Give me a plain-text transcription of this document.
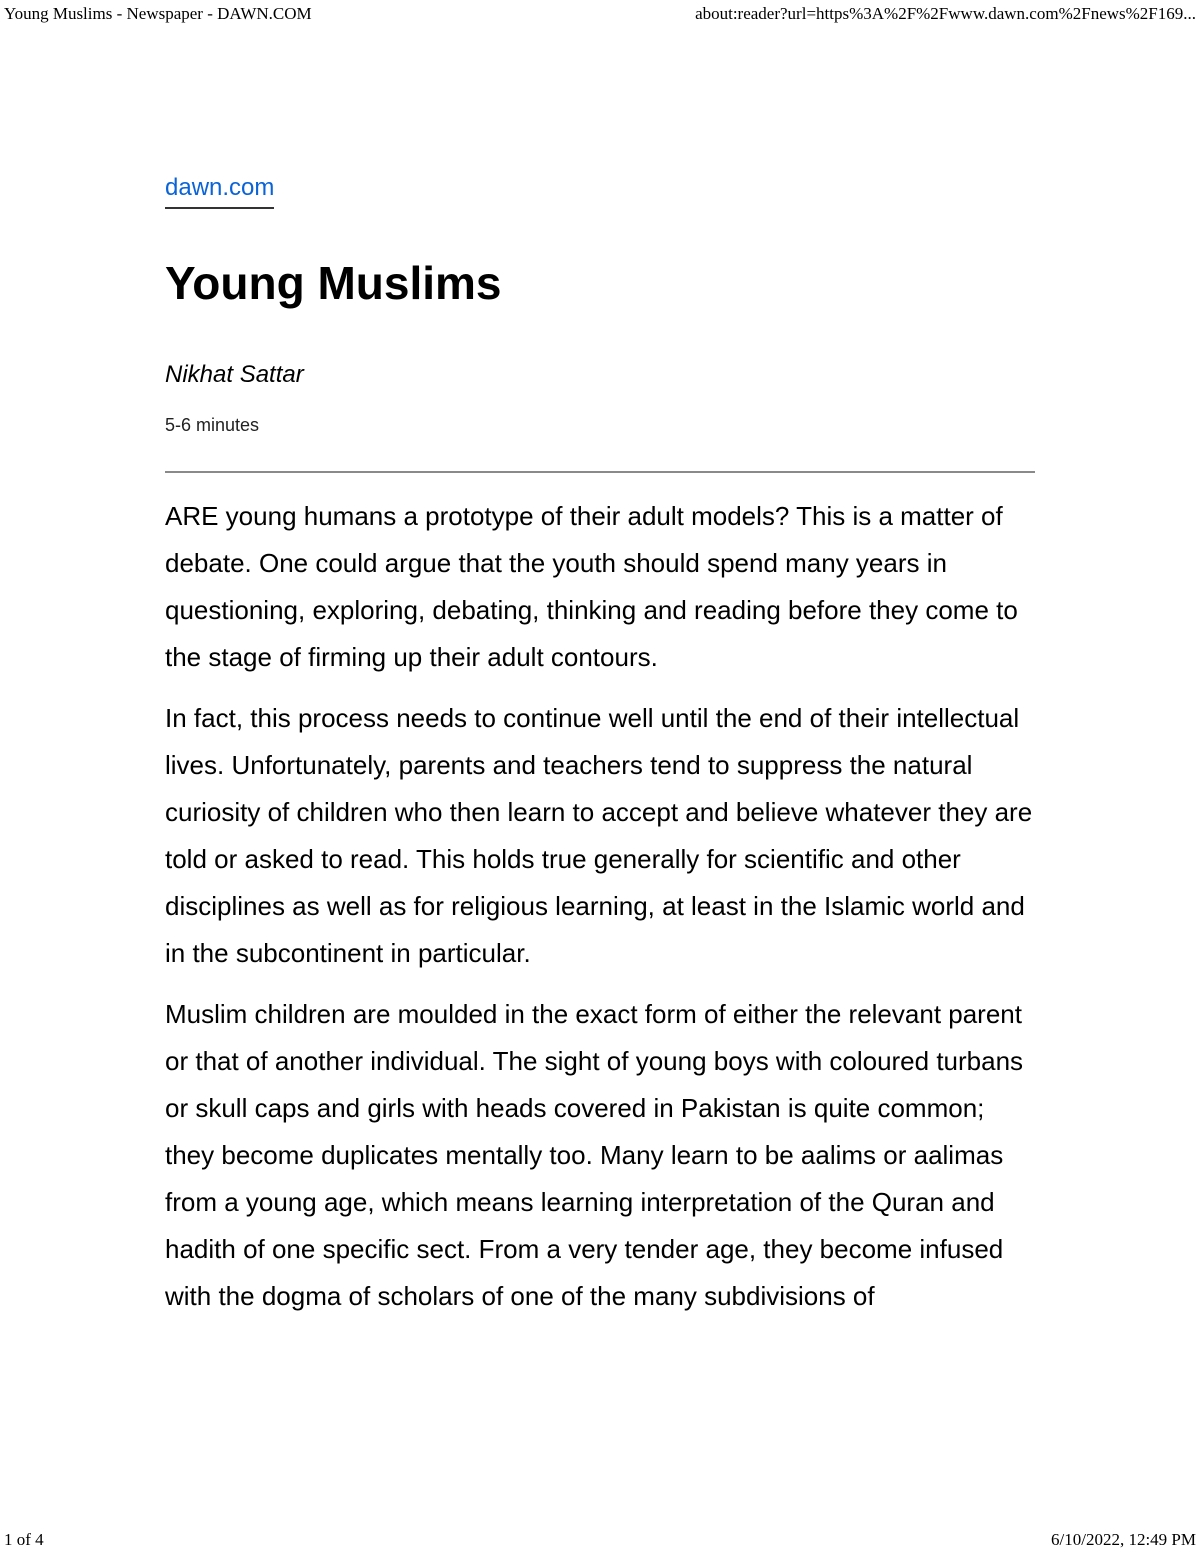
Young Muslims - Newspaper - DAWN.COM	about:reader?url=https%3A%2F%2Fwww.dawn.com%2Fnews%2F169...
dawn.com
Young Muslims
Nikhat Sattar
5-6 minutes

ARE young humans a prototype of their adult models? This is a matter of debate. One could argue that the youth should spend many years in questioning, exploring, debating, thinking and reading before they come to the stage of firming up their adult contours.

In fact, this process needs to continue well until the end of their intellectual lives. Unfortunately, parents and teachers tend to suppress the natural curiosity of children who then learn to accept and believe whatever they are told or asked to read. This holds true generally for scientific and other disciplines as well as for religious learning, at least in the Islamic world and in the subcontinent in particular.

Muslim children are moulded in the exact form of either the relevant parent or that of another individual. The sight of young boys with coloured turbans or skull caps and girls with heads covered in Pakistan is quite common; they become duplicates mentally too. Many learn to be aalims or aalimas from a young age, which means learning interpretation of the Quran and hadith of one specific sect. From a very tender age, they become infused with the dogma of scholars of one of the many subdivisions of

1 of 4	6/10/2022, 12:49 PM
